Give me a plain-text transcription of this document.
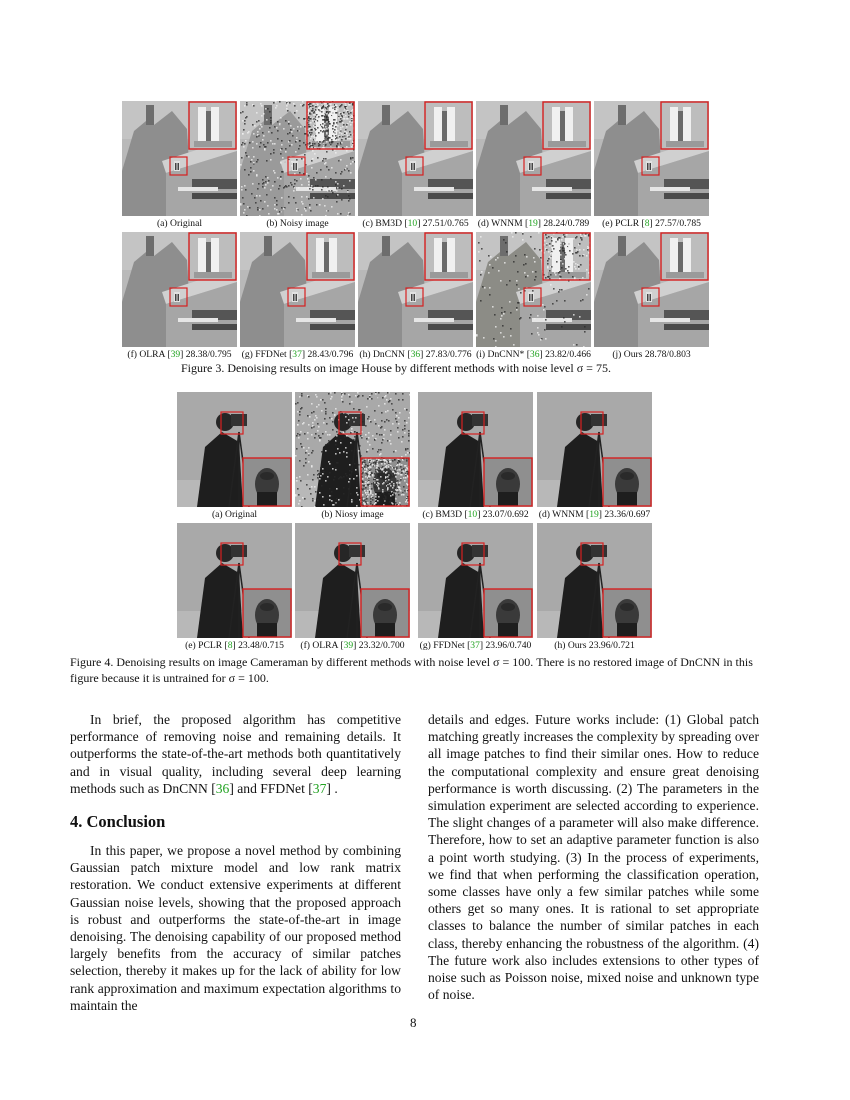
(a) Original	(b) Noisy image	(c) BM3D [10] 27.51/0.765 (d) WNNM [19] 28.24/0.789	(e) PCLR [8] 27.57/0.785
(f) OLRA [39] 28.38/0.795	(g) FFDNet [37] 28.43/0.796 (h) DnCNN [36] 27.83/0.776 (i) DnCNN* [36] 23.82/0.466	(j) Ours 28.78/0.803
Figure 3. Denoising results on image House by different methods with noise level σ = 75.
(a) Original	(b) Niosy image	(c) BM3D [10] 23.07/0.692	(d) WNNM [19] 23.36/0.697
(e) PCLR [8] 23.48/0.715	(f) OLRA [39] 23.32/0.700	(g) FFDNet [37] 23.96/0.740	(h) Ours 23.96/0.721
Figure 4. Denoising results on image Cameraman by different methods with noise level σ = 100. There is no restored image of DnCNN in this figure because it is untrained for σ = 100.

In brief, the proposed algorithm has competitive performance of removing noise and remaining details. It outperforms the state-of-the-art methods both quantitatively and in visual quality, including several deep learning methods such as DnCNN [36] and FFDNet [37] .

4. Conclusion

In this paper, we propose a novel method by combining Gaussian patch mixture model and low rank matrix restoration. We conduct extensive experiments at different Gaussian noise levels, showing that the proposed approach is robust and outperforms the state-of-the-art in image denoising. The denoising capability of our proposed method largely benefits from the accuracy of similar patches selection, thereby it makes up for the lack of ability for low rank approximation and maximum expectation algorithms to maintain the

details and edges. Future works include: (1) Global patch matching greatly increases the complexity by spreading over all image patches to find their similar ones. How to reduce the computational complexity and ensure great denoising performance is worth discussing. (2) The parameters in the simulation experiment are selected according to experience. The slight changes of a parameter will also make difference. Therefore, how to set an adaptive parameter function is also a point worth studying. (3) In the process of experiments, we find that when performing the classification operation, some classes have only a few similar patches while some others get so many ones. It is rational to set appropriate classes to balance the number of similar patches in each class, thereby enhancing the robustness of the algorithm. (4) The future work also includes extensions to other types of noise such as Poisson noise, mixed noise and unknown type of noise.

8
